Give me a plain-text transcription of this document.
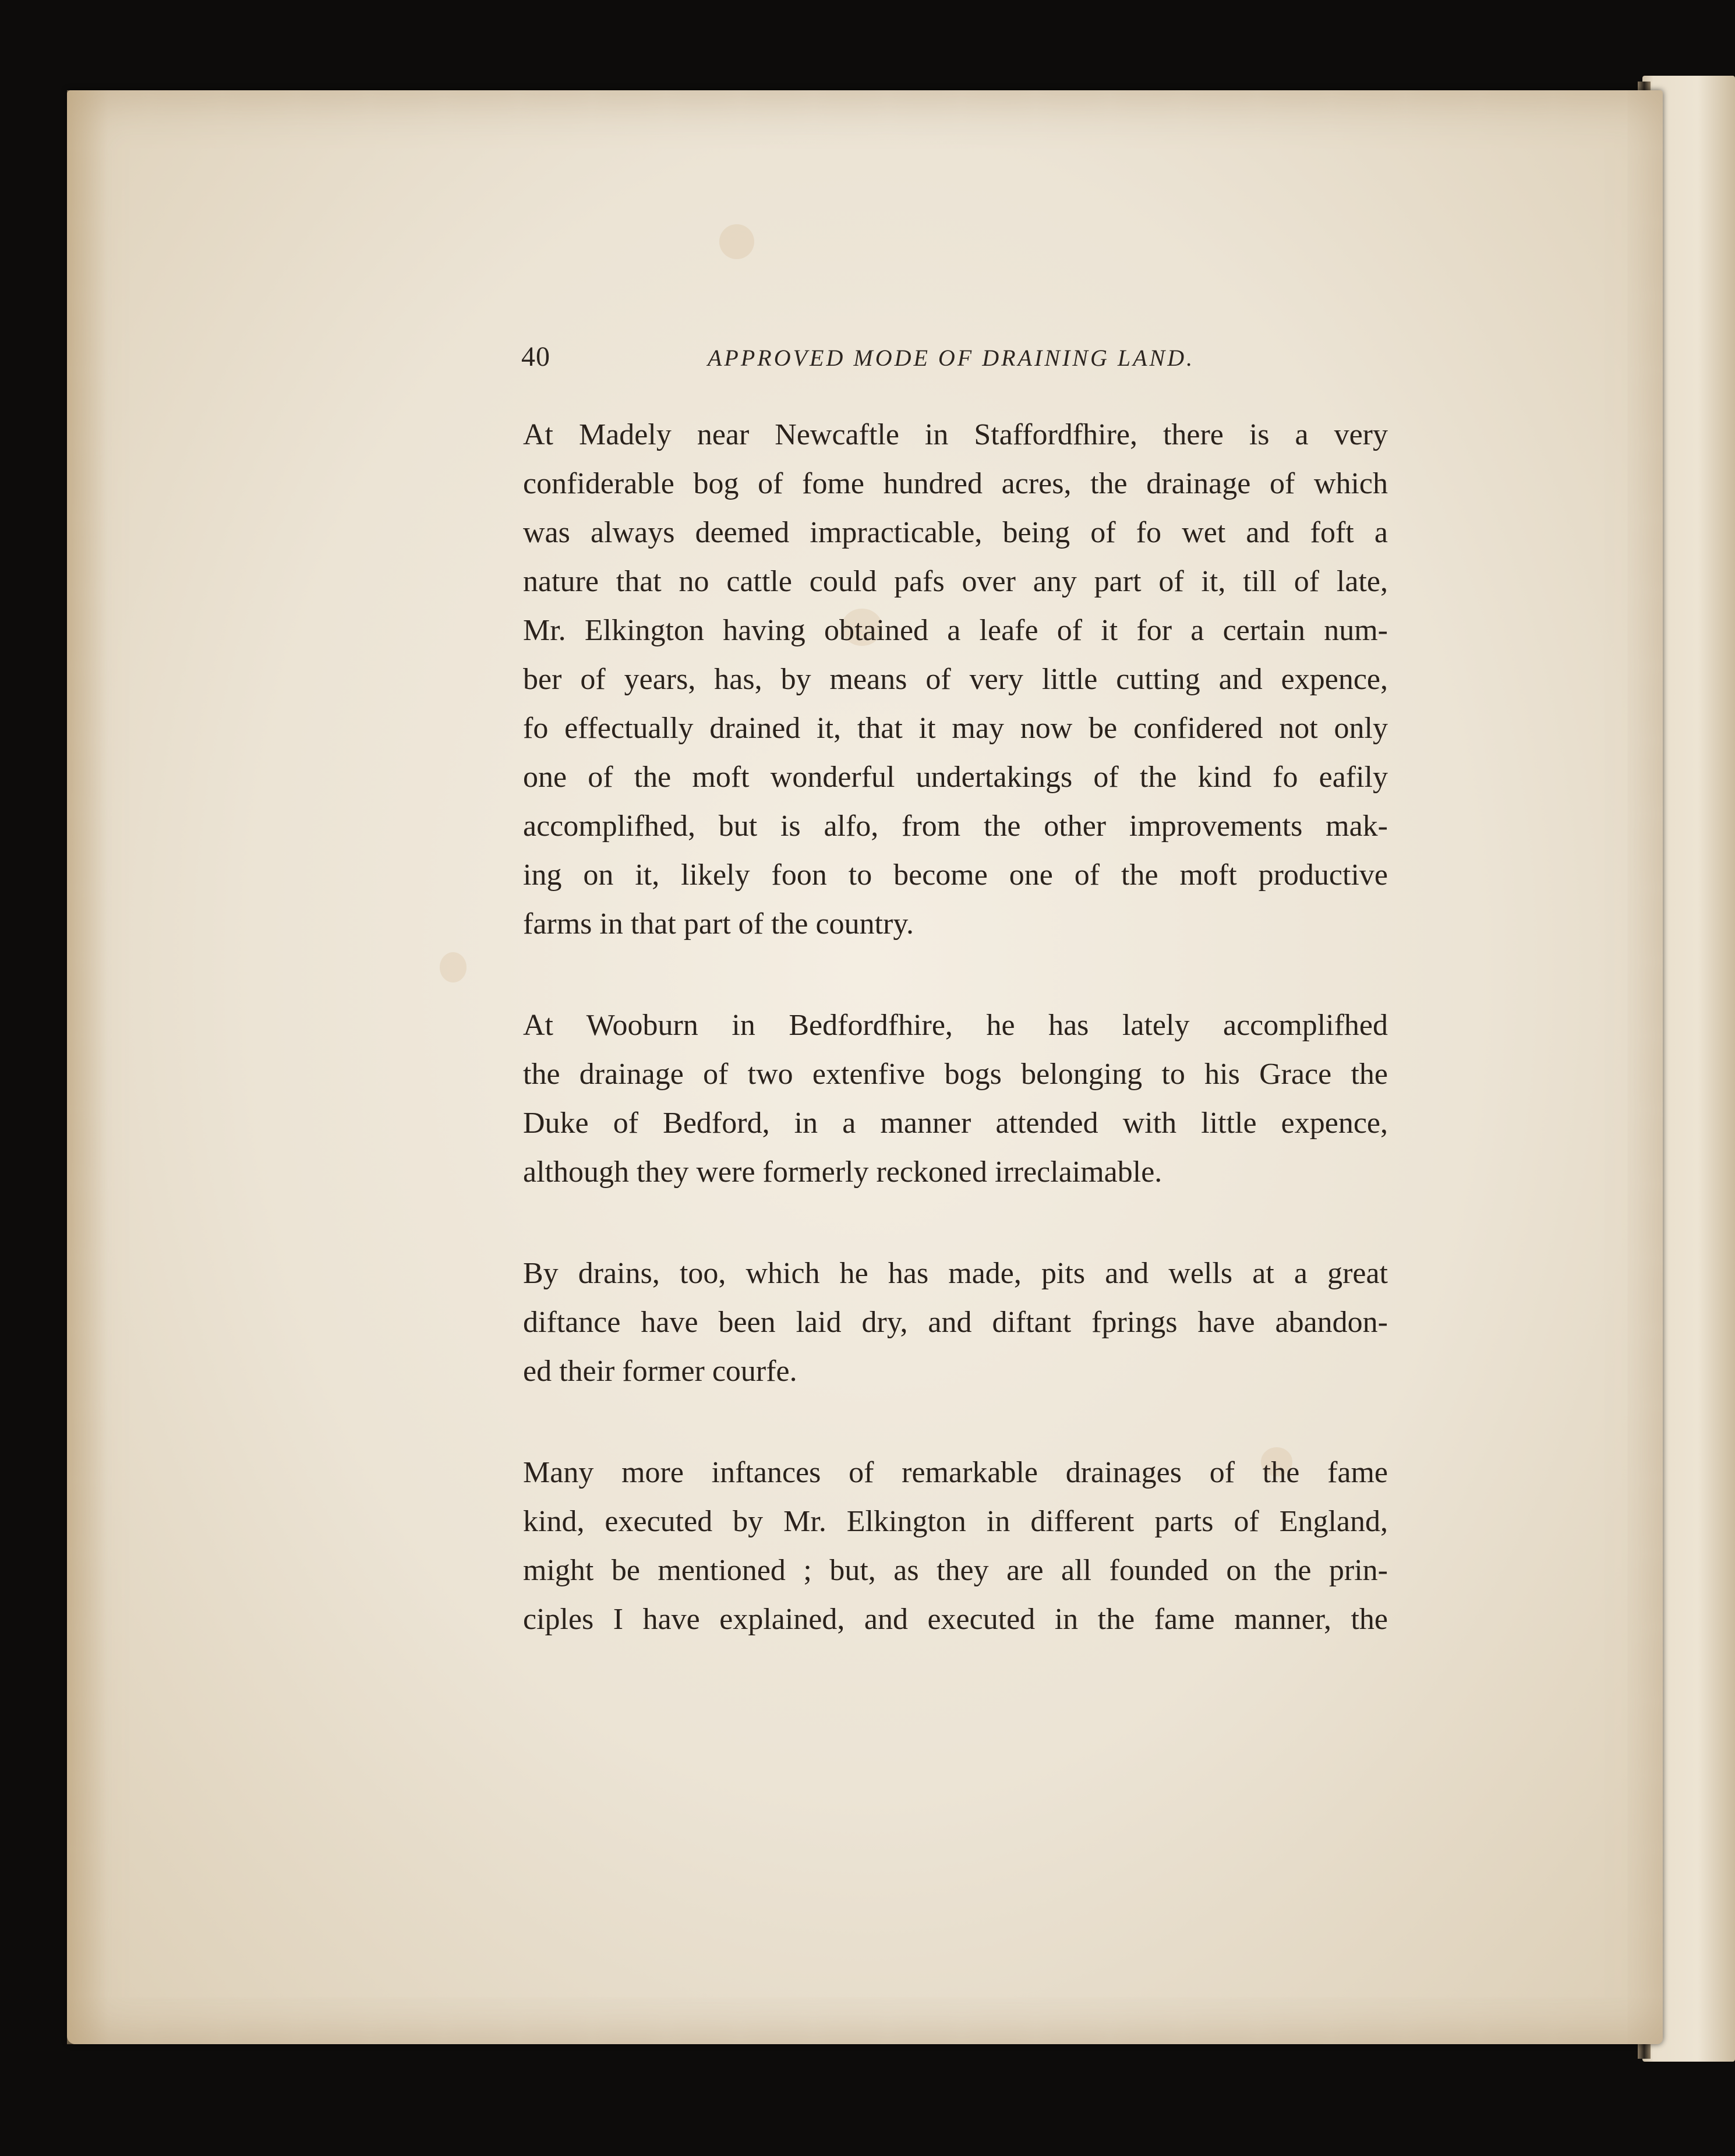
40	APPROVED MODE OF DRAINING LAND.
At Madely near Newcaftle in Staffordfhire, there is a very
confiderable bog of fome hundred acres, the drainage of which
was always deemed impracticable, being of fo wet and foft a
nature that no cattle could pafs over any part of it, till of late,
Mr. Elkington having obtained a leafe of it for a certain num-
ber of years, has, by means of very little cutting and expence,
fo effectually drained it, that it may now be confidered not only
one of the moft wonderful undertakings of the kind fo eafily
accomplifhed, but is alfo, from the other improvements mak-
ing on it, likely foon to become one of the moft productive
farms in that part of the country.
At Wooburn in Bedfordfhire, he has lately accomplifhed
the drainage of two extenfive bogs belonging to his Grace the
Duke of Bedford, in a manner attended with little expence,
although they were formerly reckoned irreclaimable.
By drains, too, which he has made, pits and wells at a great
diftance have been laid dry, and diftant fprings have abandon-
ed their former courfe.
Many more inftances of remarkable drainages of the fame
kind, executed by Mr. Elkington in different parts of England,
might be mentioned ; but, as they are all founded on the prin-
ciples I have explained, and executed in the fame manner, the
